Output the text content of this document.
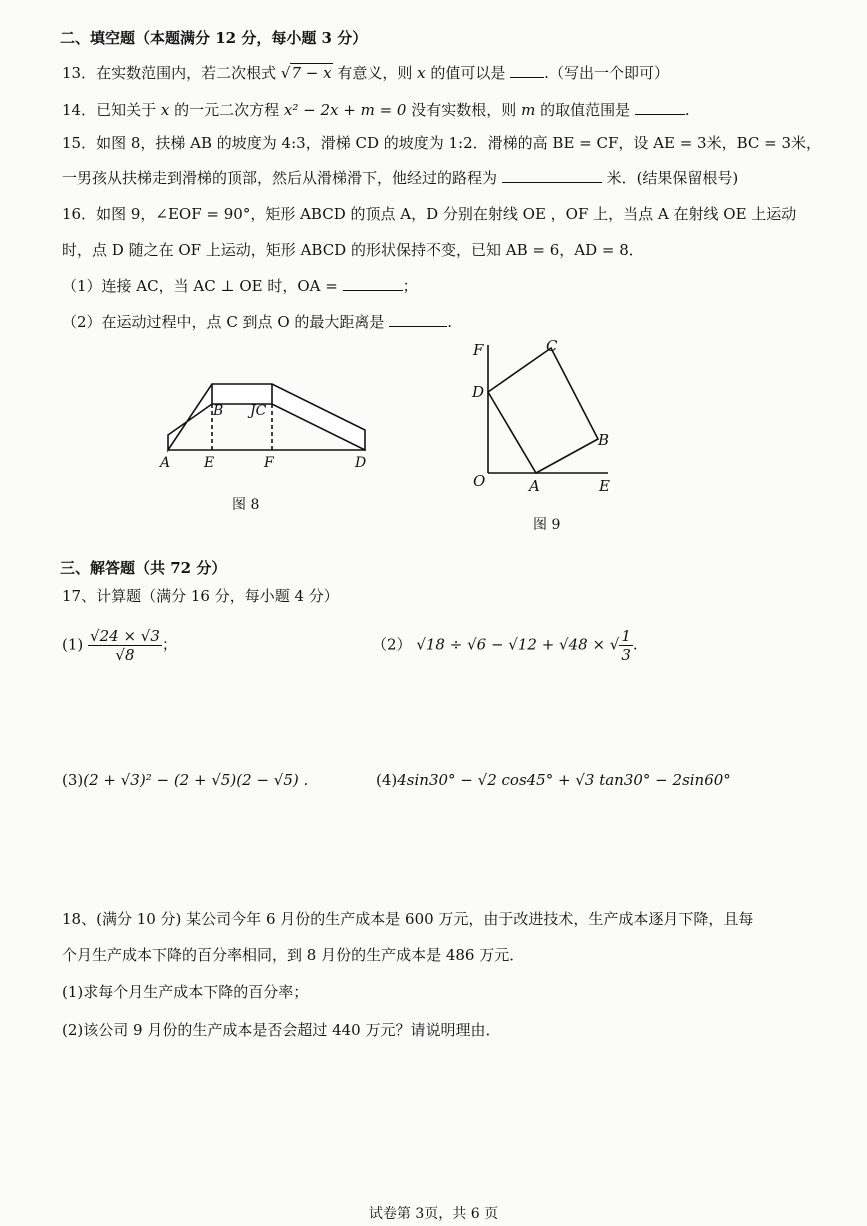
二、填空题（本题满分 12 分，每小题 3 分）
13．在实数范围内，若二次根式 √7 − x 有意义，则 x 的值可以是	.（写出一个即可）
14．已知关于 x 的一元二次方程 x² − 2x + m = 0 没有实数根，则 m 的取值范围是	.
15．如图 8，扶梯 AB 的坡度为 4:3，滑梯 CD 的坡度为 1:2．滑梯的高 BE = CF，设 AE = 3米，BC = 3米，
一男孩从扶梯走到滑梯的顶部，然后从滑梯滑下，他经过的路程为	米．(结果保留根号)
16．如图 9，∠EOF = 90°，矩形 ABCD 的顶点 A，D 分别在射线 OE ，OF 上，当点 A 在射线 OE 上运动
时，点 D 随之在 OF 上运动，矩形 ABCD 的形状保持不变，已知 AB = 6，AD = 8．
（1）连接 AC，当 AC ⊥ OE 时，OA =	；
（2）在运动过程中，点 C 到点 O 的最大距离是	.
B JC
A E	F	D
图 8
F	C
D
B
O	A	E
图 9
三、解答题（共 72 分）
17、计算题（满分 16 分，每小题 4 分）
$(1) \frac{√24 \times √3}{√8}$ ；	（2） √18 ÷ √6 − √12 + √48 × √ $\frac{1}{3}$ .
(3)(2 + √3)² − (2 + √5)(2 − √5) .	(4)4sin30° − √2 cos45° + √3 tan30° − 2sin60°
18、(满分 10 分) 某公司今年 6 月份的生产成本是 600 万元，由于改进技术，生产成本逐月下降，且每
个月生产成本下降的百分率相同，到 8 月份的生产成本是 486 万元．
(1)求每个月生产成本下降的百分率；
(2)该公司 9 月份的生产成本是否会超过 440 万元？请说明理由．
试卷第 3页，共 6 页
